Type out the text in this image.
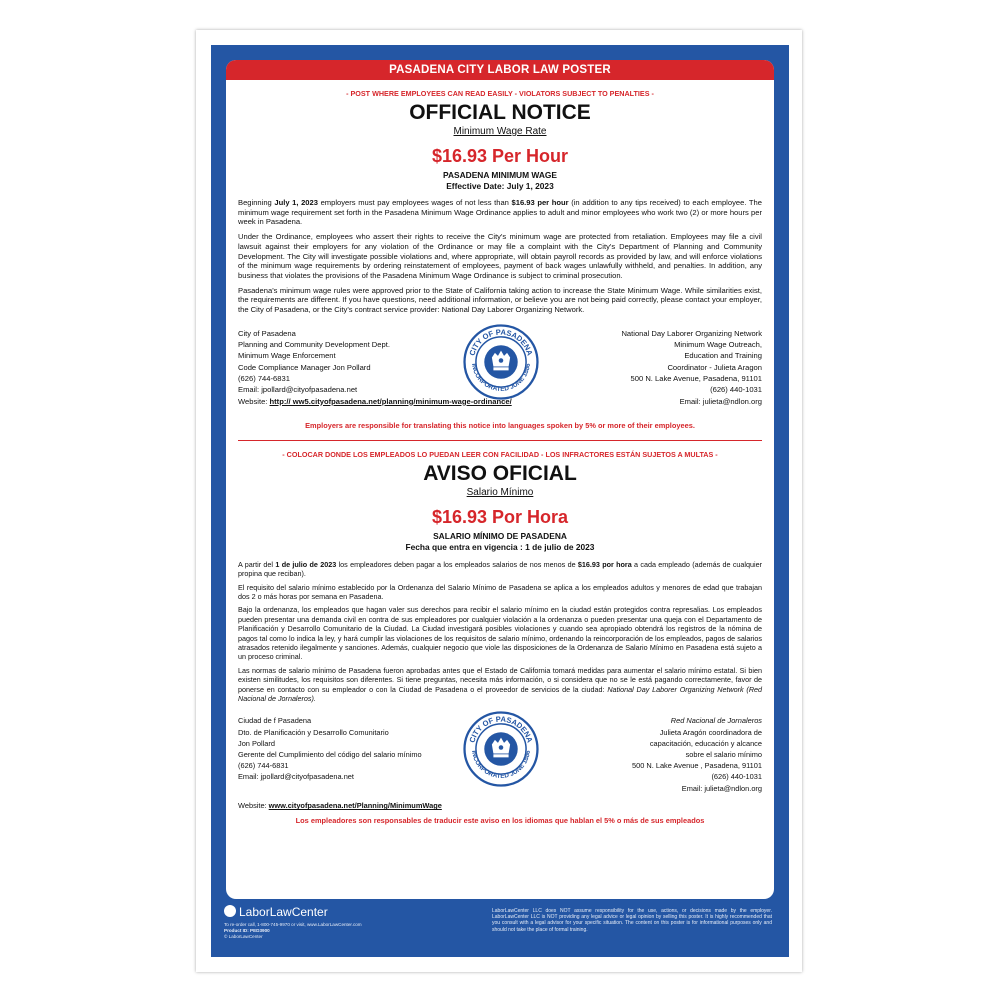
PASADENA CITY LABOR LAW POSTER
- POST WHERE EMPLOYEES CAN READ EASILY - VIOLATORS SUBJECT TO PENALTIES -
OFFICIAL NOTICE
Minimum Wage Rate
$16.93 Per Hour
PASADENA MINIMUM WAGE
Effective Date: July 1, 2023

Beginning July 1, 2023 employers must pay employees wages of not less than $16.93 per hour (in addition to any tips received) to each employee. The minimum wage requirement set forth in the Pasadena Minimum Wage Ordinance applies to adult and minor employees who work two (2) or more hours per week in Pasadena.

Under the Ordinance, employees who assert their rights to receive the City's minimum wage are protected from retaliation. Employees may file a civil lawsuit against their employers for any violation of the Ordinance or may file a complaint with the City's Department of Planning and Community Development. The City will investigate possible violations and, where appropriate, will obtain payroll records as provided by law, and will enforce violations of the minimum wage requirements by ordering reinstatement of employees, payment of back wages unlawfully withheld, and penalties. In addition, any business that violates the provisions of the Pasadena Minimum Wage Ordinance is subject to criminal prosecution.

Pasadena's minimum wage rules were approved prior to the State of California taking action to increase the State Minimum Wage. While similarities exist, the requirements are different. If you have questions, need additional information, or believe you are not being paid correctly, please contact your employer, the City of Pasadena, or the City's contract service provider: National Day Laborer Organizing Network.

City of Pasadena
Planning and Community Development Dept.
Minimum Wage Enforcement
Code Compliance Manager Jon Pollard
(626) 744-6831
Email: jpollard@cityofpasadena.net
Website: http:// ww5.cityofpasadena.net/planning/minimum-wage-ordinance/
CITY OF PASADENA
INCORPORATED JUNE 1886
National Day Laborer Organizing Network
Minimum Wage Outreach,
Education and Training
Coordinator - Julieta Aragon
500 N. Lake Avenue, Pasadena, 91101
(626) 440-1031
Email: julieta@ndlon.org
Employers are responsible for translating this notice into languages spoken by 5% or more of their employees.
- COLOCAR DONDE LOS EMPLEADOS LO PUEDAN LEER CON FACILIDAD - LOS INFRACTORES ESTÁN SUJETOS A MULTAS -
AVISO OFICIAL
Salario Mínimo
$16.93 Por Hora
SALARIO MÍNIMO DE PASADENA
Fecha que entra en vigencia : 1 de julio de 2023

A partir del 1 de julio de 2023 los empleadores deben pagar a los empleados salarios de nos menos de $16.93 por hora a cada empleado (además de cualquier propina que reciban).

El requisito del salario mínimo establecido por la Ordenanza del Salario Mínimo de Pasadena se aplica a los empleados adultos y menores de edad que trabajan dos 2 o más horas por semana en Pasadena.

Bajo la ordenanza, los empleados que hagan valer sus derechos para recibir el salario mínimo en la ciudad están protegidos contra represalias. Los empleados pueden presentar una demanda civil en contra de sus empleadores por cualquier violación a la ordenanza o pueden presentar una queja con el Departamento de Planificación y Desarrollo Comunitario de la Ciudad. La Ciudad investigará posibles violaciones y cuando sea apropiado obtendrá los registros de la nómina de pagos tal como lo indica la ley, y hará cumplir las violaciones de los requisitos de salario mínimo, ordenando la reincorporación de los empleados, pagos de salarios atrasados retenido ilegalmente y sanciones. Además, cualquier negocio que viole las disposiciones de la Ordenanza de Salario Mínimo en Pasadena está sujeto a un proceso criminal.

Las normas de salario mínimo de Pasadena fueron aprobadas antes que el Estado de California tomará medidas para aumentar el salario mínimo estatal. Si bien existen similitudes, los requisitos son diferentes. Si tiene preguntas, necesita más información, o si considera que no se le está pagando correctamente, favor de ponerse en contacto con su empleador o con la Ciudad de Pasadena o el proveedor de servicios de la ciudad: National Day Laborer Organizing Network (Red Nacional de Jornaleros).

Ciudad de f Pasadena
Dto. de Planificación y Desarrollo Comunitario
Jon Pollard
Gerente del Cumplimiento del código del salario mínimo
(626) 744-6831
Email: jpollard@cityofpasadena.net
CITY OF PASADENA
INCORPORATED JUNE 1886
Red Nacional de Jornaleros
Julieta Aragón coordinadora de
capacitación, educación y alcance
sobre el salario mínimo
500 N. Lake Avenue , Pasadena, 91101
(626) 440-1031
Email: julieta@ndlon.org
Website: www.cityofpasadena.net/Planning/MinimumWage
Los empleadores son responsables de traducir este aviso en los idiomas que hablan el 5% o más de sus empleados
LaborLawCenter
To re-order call, 1-800-745-9970 or visit, www.LaborLawCenter.com
Product ID: PED3900
© LaborLawCenter
LaborLawCenter LLC does NOT assume responsibility for the use, actions, or decisions made by the employer. LaborLawCenter LLC is NOT providing any legal advice or legal opinion by selling this poster. It is highly recommended that you consult with a legal advisor for your specific situation. The content on this poster is for informational purposes only and should not take the place of formal training.
